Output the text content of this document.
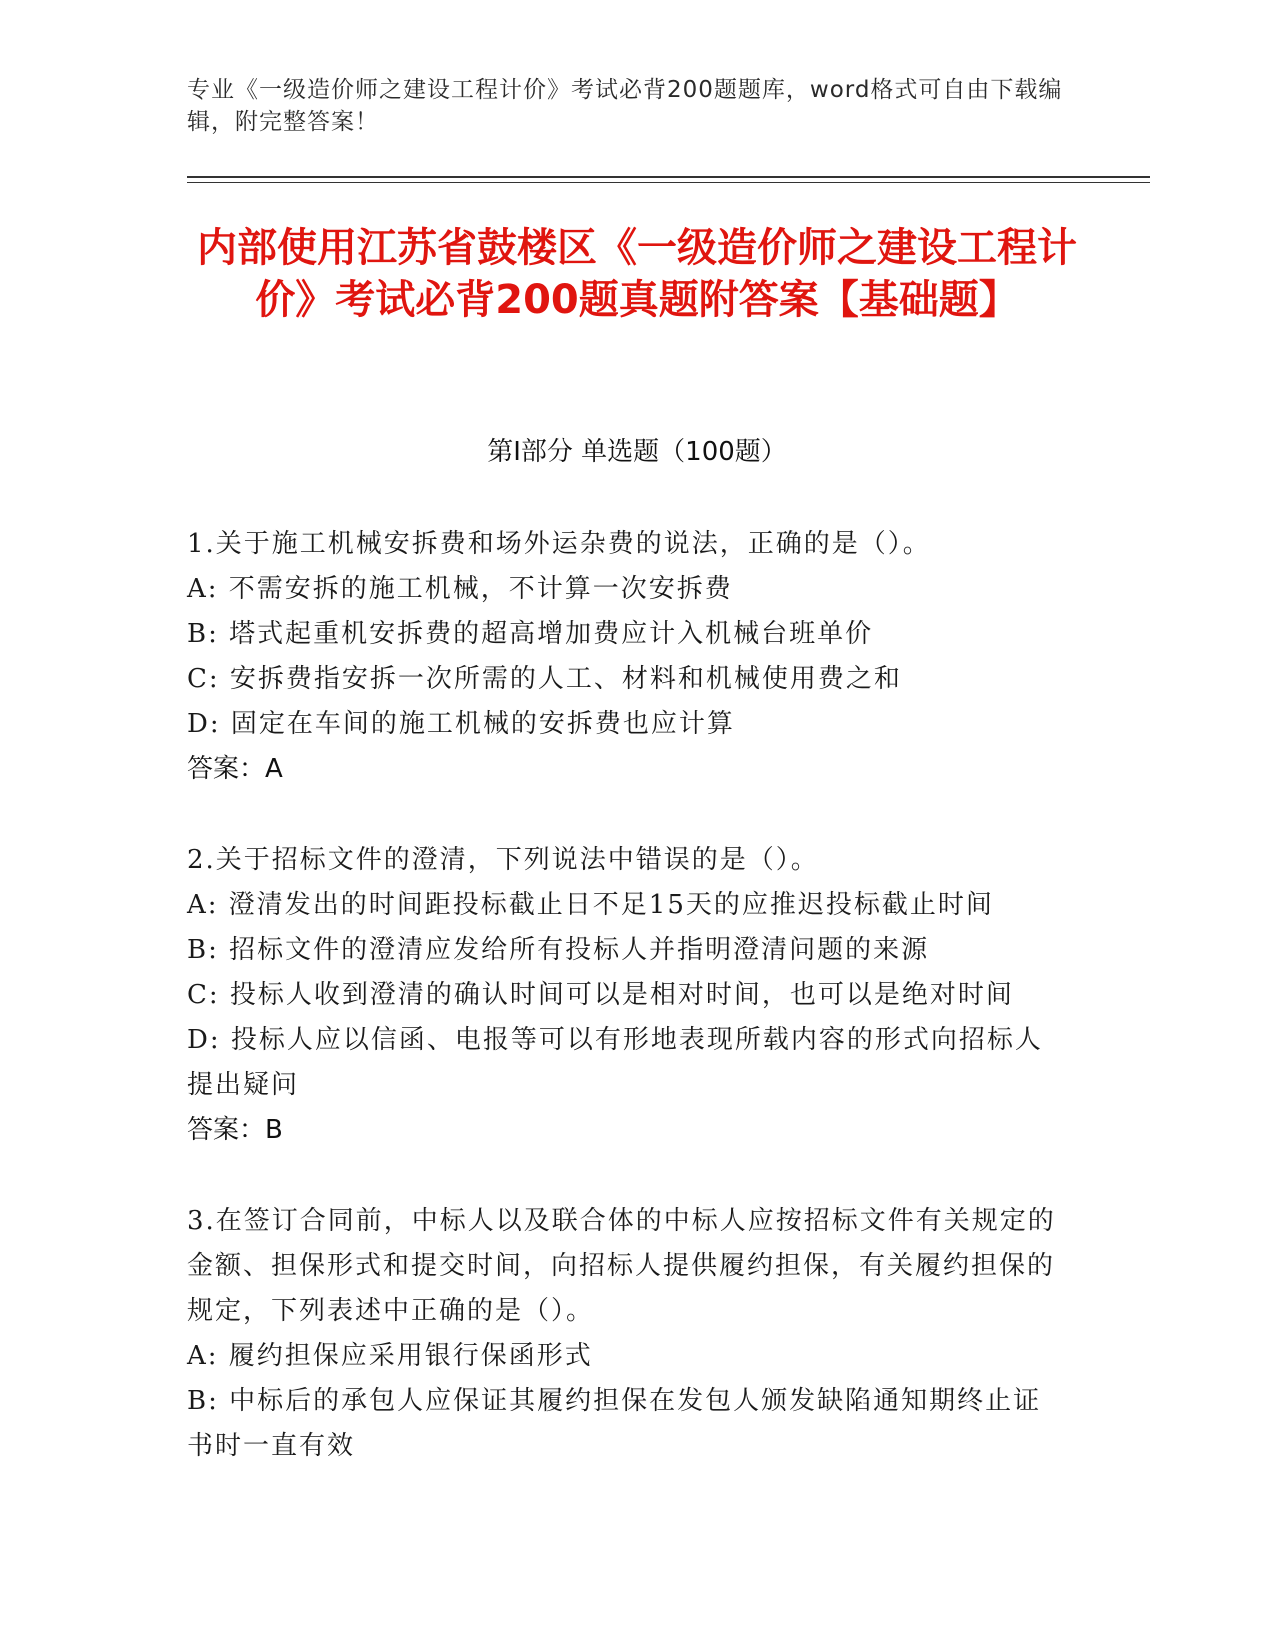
专业《一级造价师之建设工程计价》考试必背200题题库，word格式可自由下载编辑，附完整答案！
内部使用江苏省鼓楼区《一级造价师之建设工程计价》考试必背200题真题附答案【基础题】
第I部分 单选题（100题）
1.关于施工机械安拆费和场外运杂费的说法，正确的是（）。
A: 不需安拆的施工机械，不计算一次安拆费
B: 塔式起重机安拆费的超高增加费应计入机械台班单价
C: 安拆费指安拆一次所需的人工、材料和机械使用费之和
D: 固定在车间的施工机械的安拆费也应计算
答案：A
2.关于招标文件的澄清，下列说法中错误的是（）。
A: 澄清发出的时间距投标截止日不足15天的应推迟投标截止时间
B: 招标文件的澄清应发给所有投标人并指明澄清问题的来源
C: 投标人收到澄清的确认时间可以是相对时间，也可以是绝对时间
D: 投标人应以信函、电报等可以有形地表现所载内容的形式向招标人提出疑问
答案：B
3.在签订合同前，中标人以及联合体的中标人应按招标文件有关规定的金额、担保形式和提交时间，向招标人提供履约担保，有关履约担保的规定，下列表述中正确的是（）。
A: 履约担保应采用银行保函形式
B: 中标后的承包人应保证其履约担保在发包人颁发缺陷通知期终止证书时一直有效
